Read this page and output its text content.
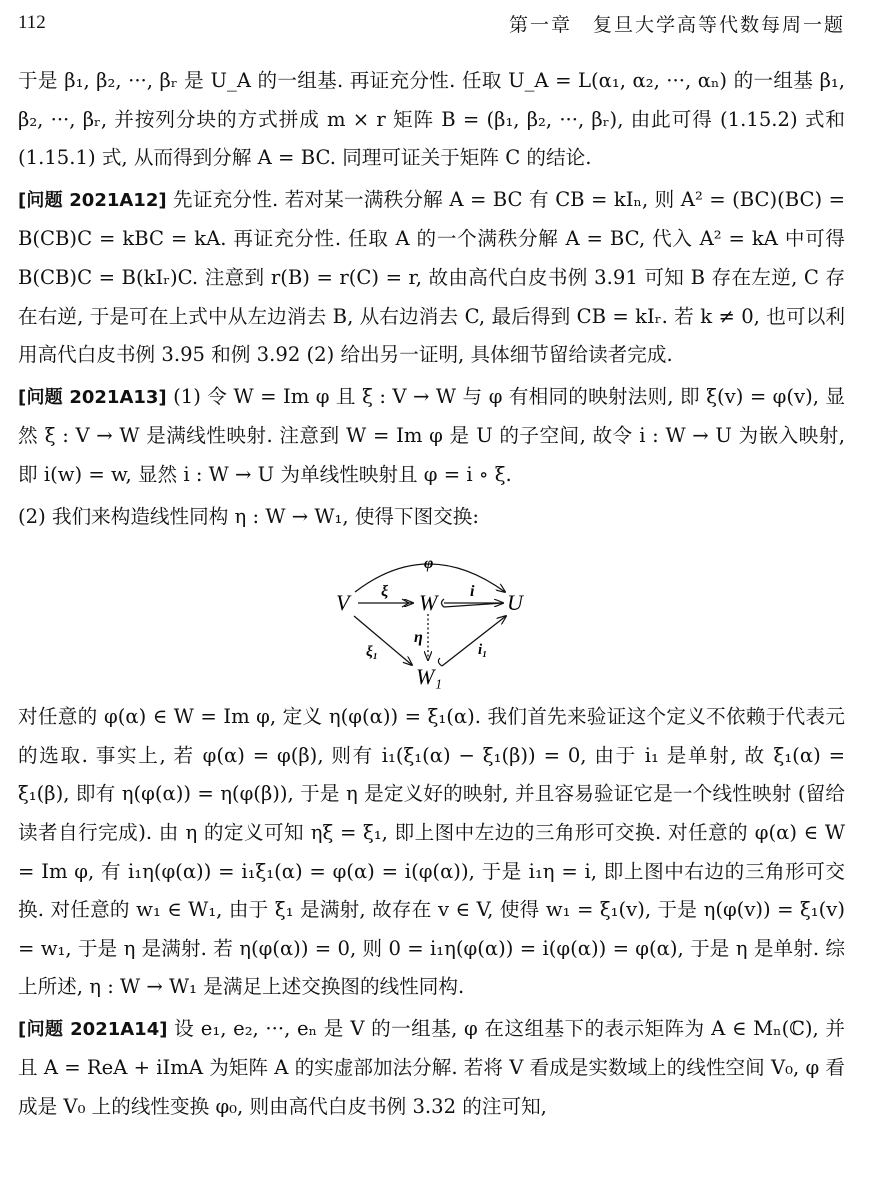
112	第一章　复旦大学高等代数每周一题

于是 β₁, β₂, ···, βᵣ 是 U_A 的一组基. 再证充分性. 任取 U_A = L(α₁, α₂, ···, αₙ) 的一组基 β₁, β₂, ···, βᵣ, 并按列分块的方式拼成 m × r 矩阵 B = (β₁, β₂, ···, βᵣ), 由此可得 (1.15.2) 式和 (1.15.1) 式, 从而得到分解 A = BC. 同理可证关于矩阵 C 的结论.

[问题 2021A12] 先证充分性. 若对某一满秩分解 A = BC 有 CB = kIₙ, 则 A² = (BC)(BC) = B(CB)C = kBC = kA. 再证充分性. 任取 A 的一个满秩分解 A = BC, 代入 A² = kA 中可得 B(CB)C = B(kIᵣ)C. 注意到 r(B) = r(C) = r, 故由高代白皮书例 3.91 可知 B 存在左逆, C 存在右逆, 于是可在上式中从左边消去 B, 从右边消去 C, 最后得到 CB = kIᵣ. 若 k ≠ 0, 也可以利用高代白皮书例 3.95 和例 3.92 (2) 给出另一证明, 具体细节留给读者完成.

[问题 2021A13] (1) 令 W = Im φ 且 ξ : V → W 与 φ 有相同的映射法则, 即 ξ(v) = φ(v), 显然 ξ : V → W 是满线性映射. 注意到 W = Im φ 是 U 的子空间, 故令 i : W → U 为嵌入映射, 即 i(w) = w, 显然 i : W → U 为单线性映射且 φ = i ∘ ξ.

(2) 我们来构造线性同构 η : W → W₁, 使得下图交换:

V	W	U
W₁
φ
ξ	i
η
ξ₁	i₁

对任意的 φ(α) ∈ W = Im φ, 定义 η(φ(α)) = ξ₁(α). 我们首先来验证这个定义不依赖于代表元的选取. 事实上, 若 φ(α) = φ(β), 则有 i₁(ξ₁(α) − ξ₁(β)) = 0, 由于 i₁ 是单射, 故 ξ₁(α) = ξ₁(β), 即有 η(φ(α)) = η(φ(β)), 于是 η 是定义好的映射, 并且容易验证它是一个线性映射 (留给读者自行完成). 由 η 的定义可知 ηξ = ξ₁, 即上图中左边的三角形可交换. 对任意的 φ(α) ∈ W = Im φ, 有 i₁η(φ(α)) = i₁ξ₁(α) = φ(α) = i(φ(α)), 于是 i₁η = i, 即上图中右边的三角形可交换. 对任意的 w₁ ∈ W₁, 由于 ξ₁ 是满射, 故存在 v ∈ V, 使得 w₁ = ξ₁(v), 于是 η(φ(v)) = ξ₁(v) = w₁, 于是 η 是满射. 若 η(φ(α)) = 0, 则 0 = i₁η(φ(α)) = i(φ(α)) = φ(α), 于是 η 是单射. 综上所述, η : W → W₁ 是满足上述交换图的线性同构.

[问题 2021A14] 设 e₁, e₂, ···, eₙ 是 V 的一组基, φ 在这组基下的表示矩阵为 A ∈ Mₙ(ℂ), 并且 A = ReA + iImA 为矩阵 A 的实虚部加法分解. 若将 V 看成是实数域上的线性空间 V₀, φ 看成是 V₀ 上的线性变换 φ₀, 则由高代白皮书例 3.32 的注可知,
